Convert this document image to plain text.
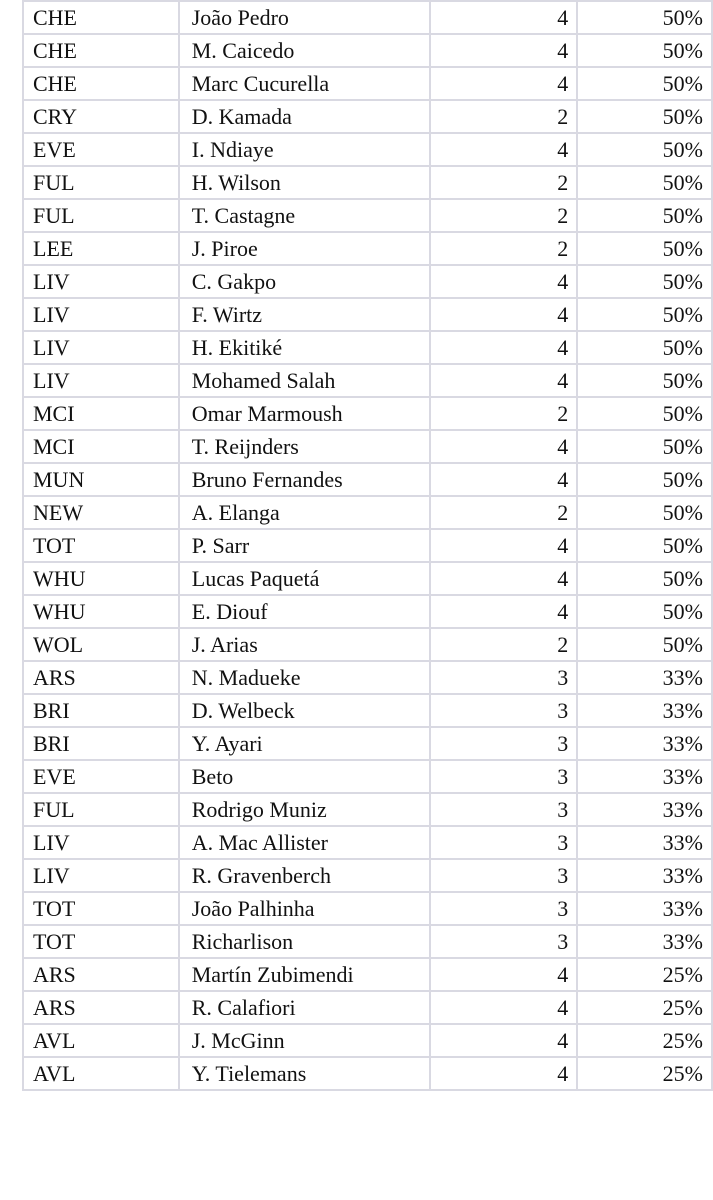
CHE	João Pedro	4	50%
CHE	M. Caicedo	4	50%
CHE	Marc Cucurella	4	50%
CRY	D. Kamada	2	50%
EVE	I. Ndiaye	4	50%
FUL	H. Wilson	2	50%
FUL	T. Castagne	2	50%
LEE	J. Piroe	2	50%
LIV	C. Gakpo	4	50%
LIV	F. Wirtz	4	50%
LIV	H. Ekitiké	4	50%
LIV	Mohamed Salah	4	50%
MCI	Omar Marmoush	2	50%
MCI	T. Reijnders	4	50%
MUN	Bruno Fernandes	4	50%
NEW	A. Elanga	2	50%
TOT	P. Sarr	4	50%
WHU	Lucas Paquetá	4	50%
WHU	E. Diouf	4	50%
WOL	J. Arias	2	50%
ARS	N. Madueke	3	33%
BRI	D. Welbeck	3	33%
BRI	Y. Ayari	3	33%
EVE	Beto	3	33%
FUL	Rodrigo Muniz	3	33%
LIV	A. Mac Allister	3	33%
LIV	R. Gravenberch	3	33%
TOT	João Palhinha	3	33%
TOT	Richarlison	3	33%
ARS	Martín Zubimendi	4	25%
ARS	R. Calafiori	4	25%
AVL	J. McGinn	4	25%
AVL	Y. Tielemans	4	25%
